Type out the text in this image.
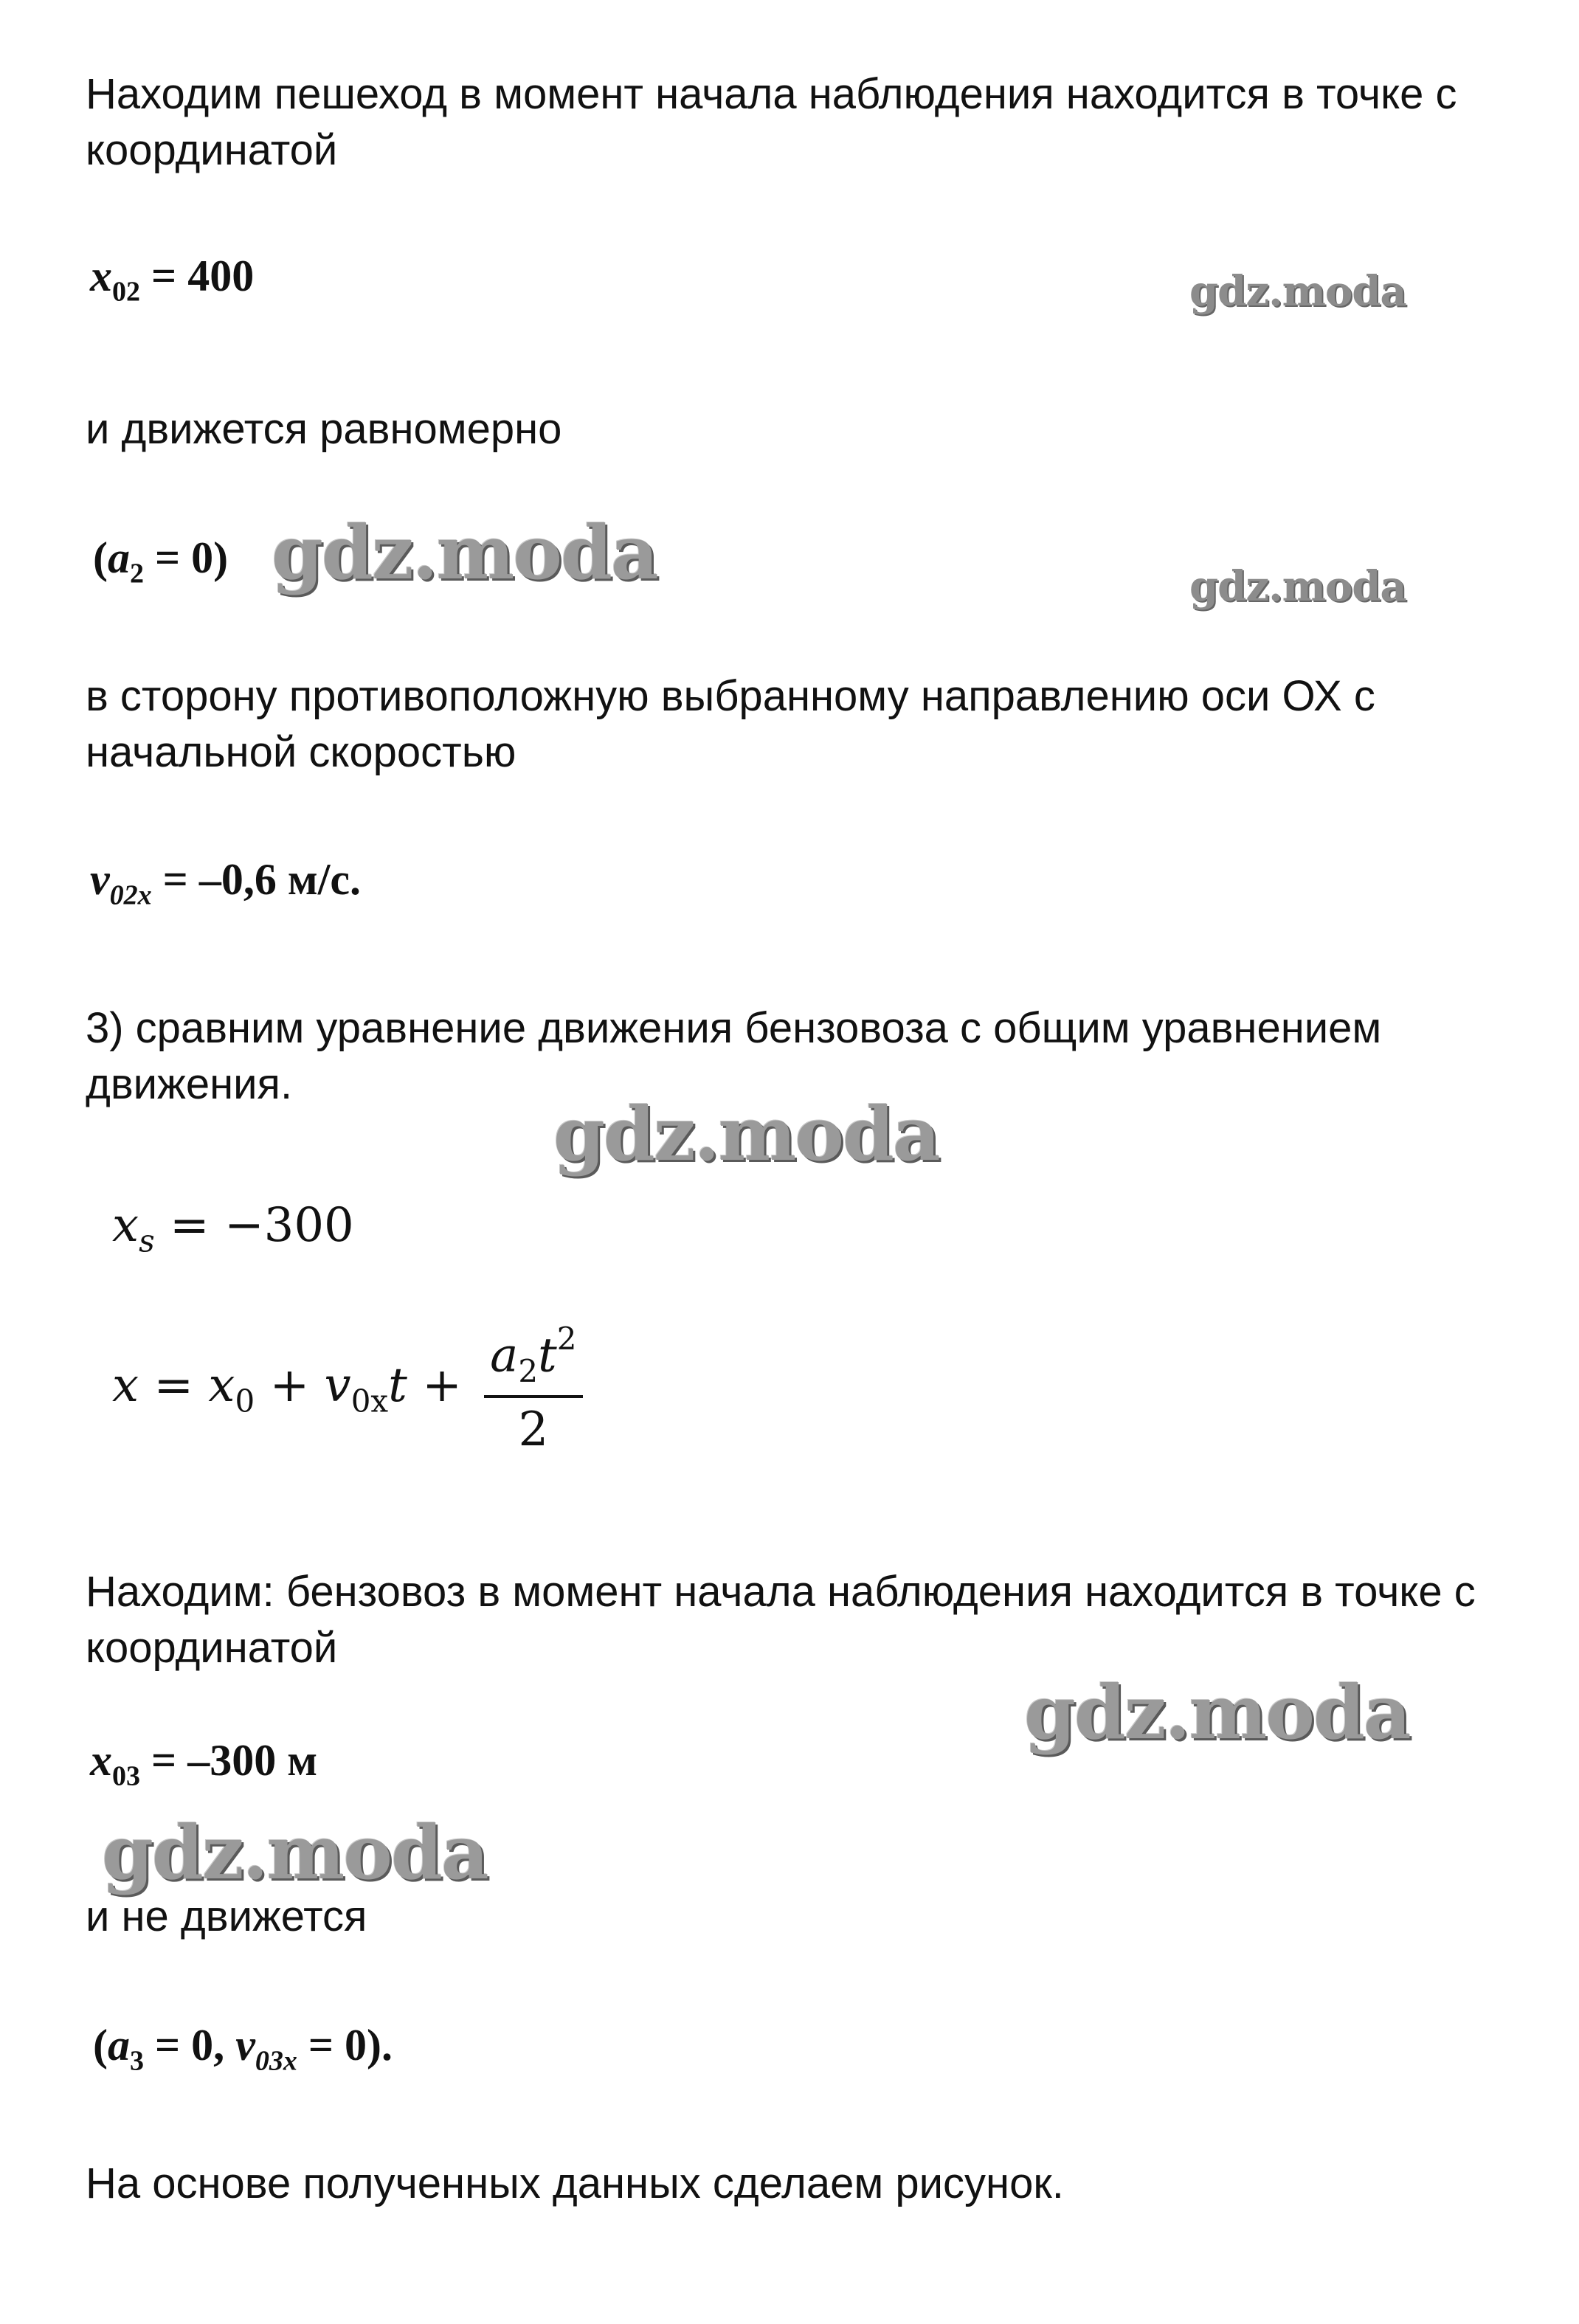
Находим пешеход в момент начала наблюдения находится в точке с координатой
$x_{02} = 400$	gdz.moda
и движется равномерно
$(a_2 = 0)$ gdz.moda	gdz.moda
в сторону противоположную выбранному направлению оси ОХ с начальной скоростью
$v_{02x} = -0,6$ м/с.
3) сравним уравнение движения бензовоза с общим уравнением движения.
gdz.moda
$x_s = -300$
$x = x_0 + v_{0x}t + \frac{a_2t^2}{2}$
Находим: бензовоз в момент начала наблюдения находится в точке с координатой
gdz.moda
$x_{03} = -300$ м
gdz.moda
и не движется
($a_3 = 0$, $v_{03x} = 0$).
На основе полученных данных сделаем рисунок.
